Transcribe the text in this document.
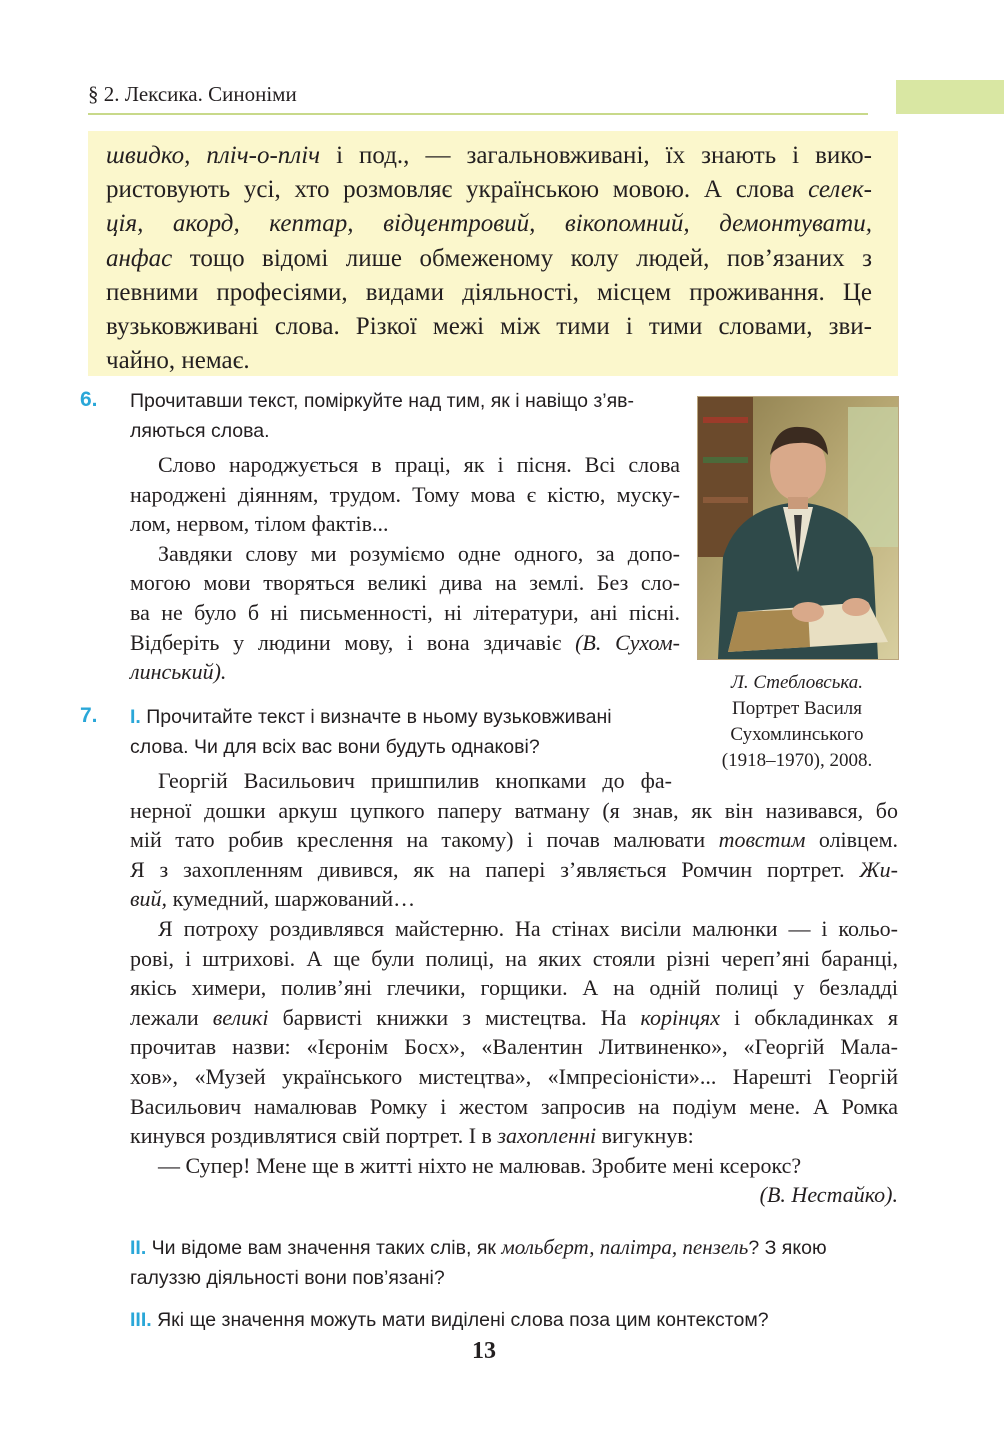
§ 2. Лексика. Синоніми
швидко, пліч-о-пліч і под., — загальновживані, їх знають і вико-
ристовують усі, хто розмовляє українською мовою. А слова селек-
ція, акорд, кептар, відцентровий, вікопомний, демонтувати,
анфас тощо відомі лише обмеженому колу людей, пов’язаних з
певними професіями, видами діяльності, місцем проживання. Це
вузьковживані слова. Різкої межі між тими і тими словами, зви-
чайно, немає.
6. Прочитавши текст, поміркуйте над тим, як і навіщо з’яв-
ляються слова.
Слово народжується в праці, як і пісня. Всі слова
народжені діянням, трудом. Тому мова є кістю, муску-
лом, нервом, тілом фактів...
Завдяки слову ми розуміємо одне одного, за допо-
могою мови творяться великі дива на землі. Без сло-
ва не було б ні письменності, ні літератури, ані пісні.
Відберіть у людини мову, і вона здичавіє (В. Сухом-
линський).	Л. Стебловська.
Портрет Василя
Сухомлинського
(1918–1970), 2008.
7. I. Прочитайте текст і визначте в ньому вузьковживані
слова. Чи для всіх вас вони будуть однакові?
Георгій Васильович пришпилив кнопками до фа-
нерної дошки аркуш цупкого паперу ватману (я знав, як він називався, бо
мій тато робив креслення на такому) і почав малювати товстим олівцем.
Я з захопленням дивився, як на папері з’являється Ромчин портрет. Жи-
вий, кумедний, шаржований…
Я потроху роздивлявся майстерню. На стінах висіли малюнки — і кольо-
рові, і штрихові. А ще були полиці, на яких стояли різні череп’яні баранці,
якісь химери, полив’яні глечики, горщики. А на одній полиці у безладді
лежали великі барвисті книжки з мистецтва. На корінцях і обкладинках я
прочитав назви: «Ієронім Босх», «Валентин Литвиненко», «Георгій Мала-
хов», «Музей українського мистецтва», «Імпресіоністи»... Нарешті Георгій
Васильович намалював Ромку і жестом запросив на подіум мене. А Ромка
кинувся роздивлятися свій портрет. І в захопленні вигукнув:
— Супер! Мене ще в житті ніхто не малював. Зробите мені ксерокс?
(В. Нестайко).
II. Чи відоме вам значення таких слів, як мольберт, палітра, пензель? З якою
галуззю діяльності вони пов’язані?
III. Які ще значення можуть мати виділені слова поза цим контекстом?
13
